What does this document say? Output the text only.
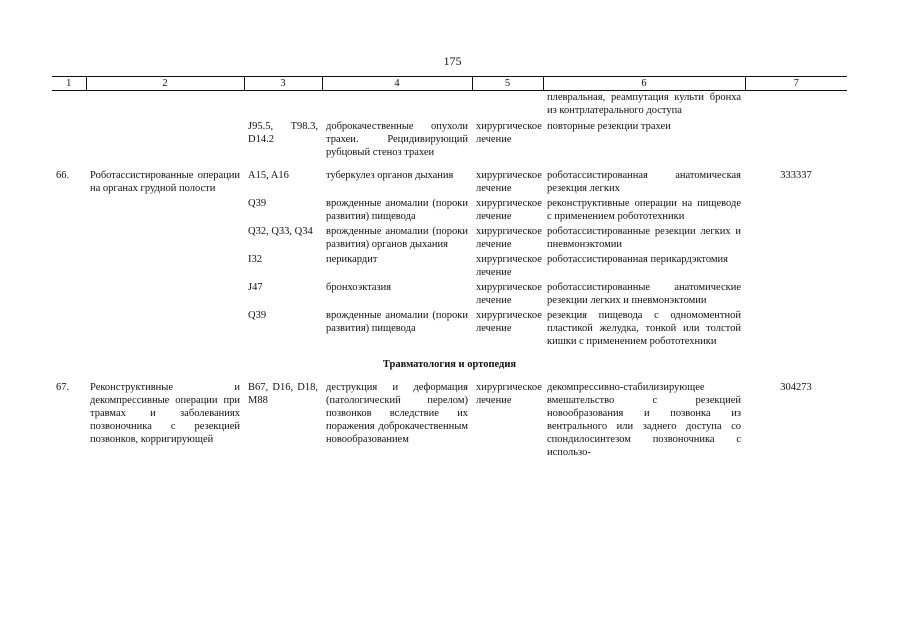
175
1	2	3	4	5	6	7
					плевральная, реампутация культи бронха из контрлатерального доступа	
		J95.5, T98.3, D14.2	доброкачественные опухоли трахеи. Рецидивирующий рубцовый стеноз трахеи	хирургическое лечение	повторные резекции трахеи	

66.	Роботассистированные операции на органах грудной полости	A15, A16	туберкулез органов дыхания	хирургическое лечение	роботассистированная анатомическая резекция легких	333337
		Q39	врожденные аномалии (пороки развития) пищевода	хирургическое лечение	реконструктивные операции на пищеводе с применением робототехники	
		Q32, Q33, Q34	врожденные аномалии (пороки развития) органов дыхания	хирургическое лечение	роботассистированные резекции легких и пневмонэктомии	
		I32	перикардит	хирургическое лечение	роботассистированная перикардэктомия	
		J47	бронхоэктазия	хирургическое лечение	роботассистированные анатомические резекции легких и пневмонэктомии	
		Q39	врожденные аномалии (пороки развития) пищевода	хирургическое лечение	резекция пищевода с одномоментной пластикой желудка, тонкой или толстой кишки с применением робототехники	
Травматология и ортопедия						
67.	Реконструктивные и декомпрессивные операции при травмах и заболеваниях позвоночника с резекцией позвонков, корригирующей	B67, D16, D18, M88	деструкция и деформация (патологический перелом) позвонков вследствие их поражения доброкачественным новообразованием	хирургическое лечение	декомпрессивно-стабилизирующее вмешательство с резекцией новообразования и позвонка из вентрального или заднего доступа со спондилосинтезом позвоночника с использо-	304273
